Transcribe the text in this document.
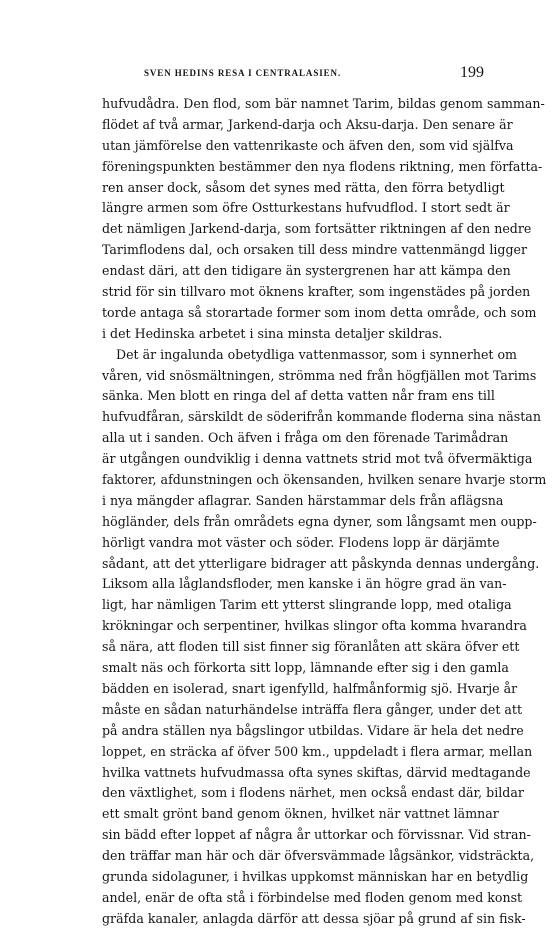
SVEN HEDINS RESA I CENTRALASIEN.	199
hufvudådra. Den flod, som bär namnet Tarim, bildas genom samman-
flödet af två armar, Jarkend-darja och Aksu-darja. Den senare är
utan jämförelse den vattenrikaste och äfven den, som vid själfva
föreningspunkten bestämmer den nya flodens riktning, men författa-
ren anser dock, såsom det synes med rätta, den förra betydligt
längre armen som öfre Ostturkestans hufvudflod. I stort sedt är
det nämligen Jarkend-darja, som fortsätter riktningen af den nedre
Tarimflodens dal, och orsaken till dess mindre vattenmängd ligger
endast däri, att den tidigare än systergrenen har att kämpa den
strid för sin tillvaro mot öknens krafter, som ingenstädes på jorden
torde antaga så storartade former som inom detta område, och som
i det Hedinska arbetet i sina minsta detaljer skildras.
Det är ingalunda obetydliga vattenmassor, som i synnerhet om
våren, vid snösmältningen, strömma ned från högfjällen mot Tarims
sänka. Men blott en ringa del af detta vatten når fram ens till
hufvudfåran, särskildt de söderifrån kommande floderna sina nästan
alla ut i sanden. Och äfven i fråga om den förenade Tarimådran
är utgången oundviklig i denna vattnets strid mot två öfvermäktiga
faktorer, afdunstningen och ökensanden, hvilken senare hvarje storm
i nya mängder aflagrar. Sanden härstammar dels från aflägsna
högländer, dels från områdets egna dyner, som långsamt men oupp-
hörligt vandra mot väster och söder. Flodens lopp är därjämte
sådant, att det ytterligare bidrager att påskynda dennas undergång.
Liksom alla låglandsfloder, men kanske i än högre grad än van-
ligt, har nämligen Tarim ett ytterst slingrande lopp, med otaliga
krökningar och serpentiner, hvilkas slingor ofta komma hvarandra
så nära, att floden till sist finner sig föranlåten att skära öfver ett
smalt näs och förkorta sitt lopp, lämnande efter sig i den gamla
bädden en isolerad, snart igenfylld, halfmånformig sjö. Hvarje år
måste en sådan naturhändelse inträffa flera gånger, under det att
på andra ställen nya bågslingor utbildas. Vidare är hela det nedre
loppet, en sträcka af öfver 500 km., uppdeladt i flera armar, mellan
hvilka vattnets hufvudmassa ofta synes skiftas, därvid medtagande
den växtlighet, som i flodens närhet, men också endast där, bildar
ett smalt grönt band genom öknen, hvilket när vattnet lämnar
sin bädd efter loppet af några år uttorkar och förvissnar. Vid stran-
den träffar man här och där öfversvämmade lågsänkor, vidsträckta,
grunda sidolaguner, i hvilkas uppkomst människan har en betydlig
andel, enär de ofta stå i förbindelse med floden genom med konst
gräfda kanaler, anlagda därför att dessa sjöar på grund af sin fisk-
